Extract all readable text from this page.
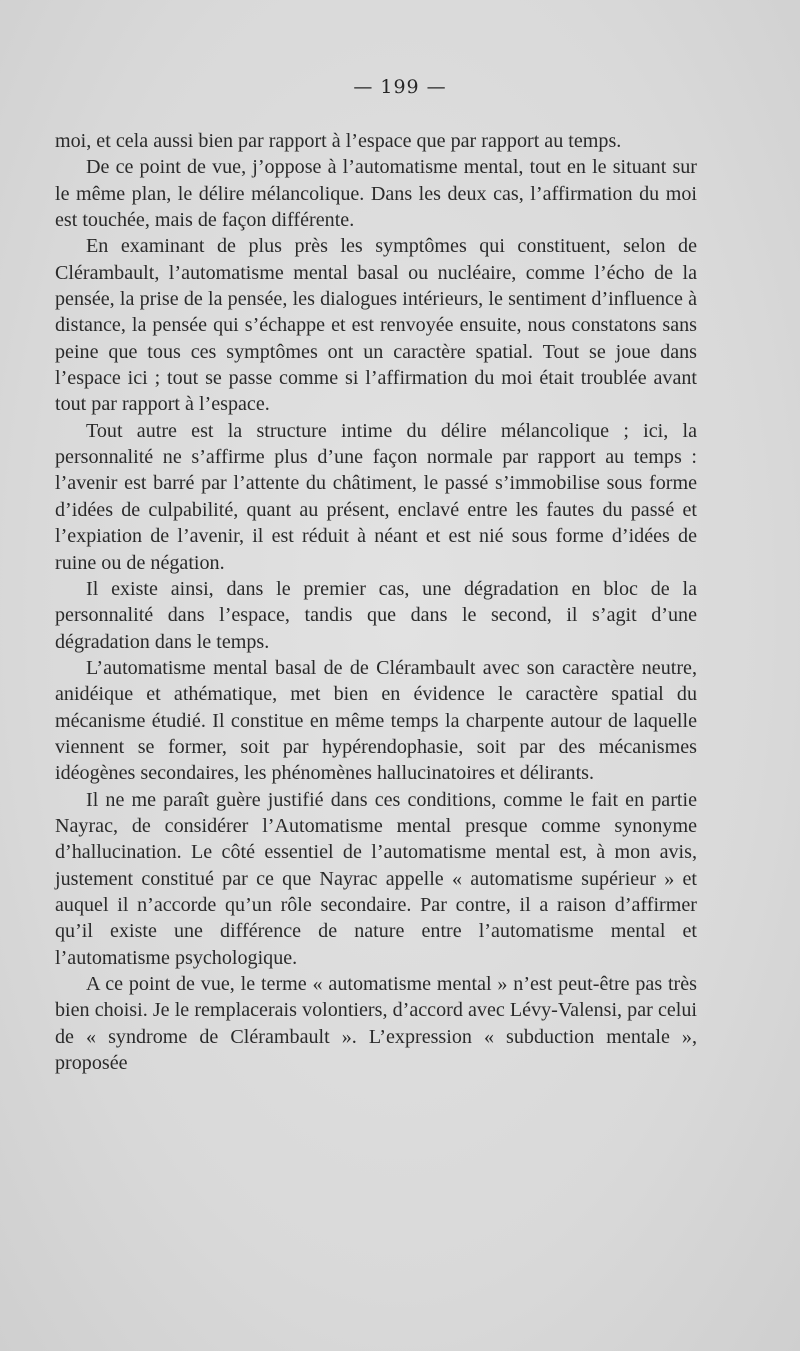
— 199 —

moi, et cela aussi bien par rapport à l’espace que par rapport au temps.

De ce point de vue, j’oppose à l’automatisme mental, tout en le situant sur le même plan, le délire mélancolique. Dans les deux cas, l’affirmation du moi est touchée, mais de façon différente.

En examinant de plus près les symptômes qui constituent, selon de Clérambault, l’automatisme mental basal ou nucléaire, comme l’écho de la pensée, la prise de la pensée, les dialogues intérieurs, le sentiment d’influence à distance, la pensée qui s’échappe et est renvoyée ensuite, nous constatons sans peine que tous ces symptômes ont un caractère spatial. Tout se joue dans l’espace ici ; tout se passe comme si l’affirmation du moi était troublée avant tout par rapport à l’espace.

Tout autre est la structure intime du délire mélancolique ; ici, la personnalité ne s’affirme plus d’une façon normale par rapport au temps : l’avenir est barré par l’attente du châtiment, le passé s’immobilise sous forme d’idées de culpabilité, quant au présent, enclavé entre les fautes du passé et l’expiation de l’avenir, il est réduit à néant et est nié sous forme d’idées de ruine ou de négation.

Il existe ainsi, dans le premier cas, une dégradation en bloc de la personnalité dans l’espace, tandis que dans le second, il s’agit d’une dégradation dans le temps.

L’automatisme mental basal de de Clérambault avec son caractère neutre, anidéique et athématique, met bien en évidence le caractère spatial du mécanisme étudié. Il constitue en même temps la charpente autour de laquelle viennent se former, soit par hypérendophasie, soit par des mécanismes idéogènes secondaires, les phénomènes hallucinatoires et délirants.

Il ne me paraît guère justifié dans ces conditions, comme le fait en partie Nayrac, de considérer l’Automatisme mental presque comme synonyme d’hallucination. Le côté essentiel de l’automatisme mental est, à mon avis, justement constitué par ce que Nayrac appelle « automatisme supérieur » et auquel il n’accorde qu’un rôle secondaire. Par contre, il a raison d’affirmer qu’il existe une différence de nature entre l’automatisme mental et l’automatisme psychologique.

A ce point de vue, le terme « automatisme mental » n’est peut-être pas très bien choisi. Je le remplacerais volontiers, d’accord avec Lévy-Valensi, par celui de « syndrome de Clérambault ». L’expression « subduction mentale », proposée
